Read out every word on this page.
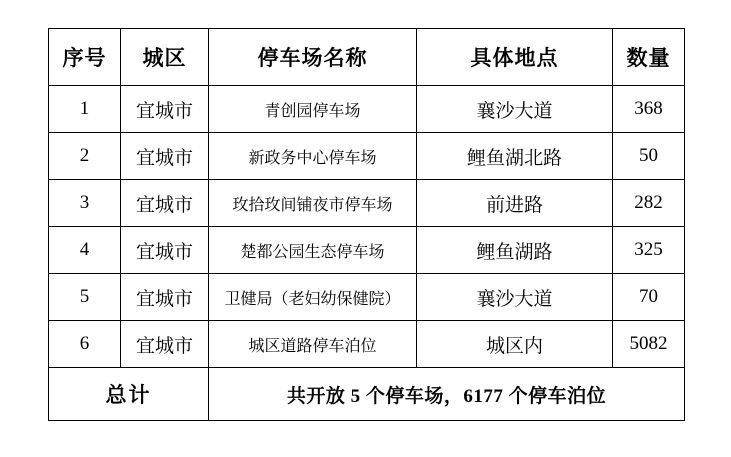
序号	城区	停车场名称	具体地点	数量
1	宜城市	青创园停车场	襄沙大道	368
2	宜城市	新政务中心停车场	鲤鱼湖北路	50
3	宜城市	玫拾玫间铺夜市停车场	前进路	282
4	宜城市	楚都公园生态停车场	鲤鱼湖路	325
5	宜城市	卫健局（老妇幼保健院）	襄沙大道	70
6	宜城市	城区道路停车泊位	城区内	5082
总计		共开放 5 个停车场，6177 个停车泊位		
